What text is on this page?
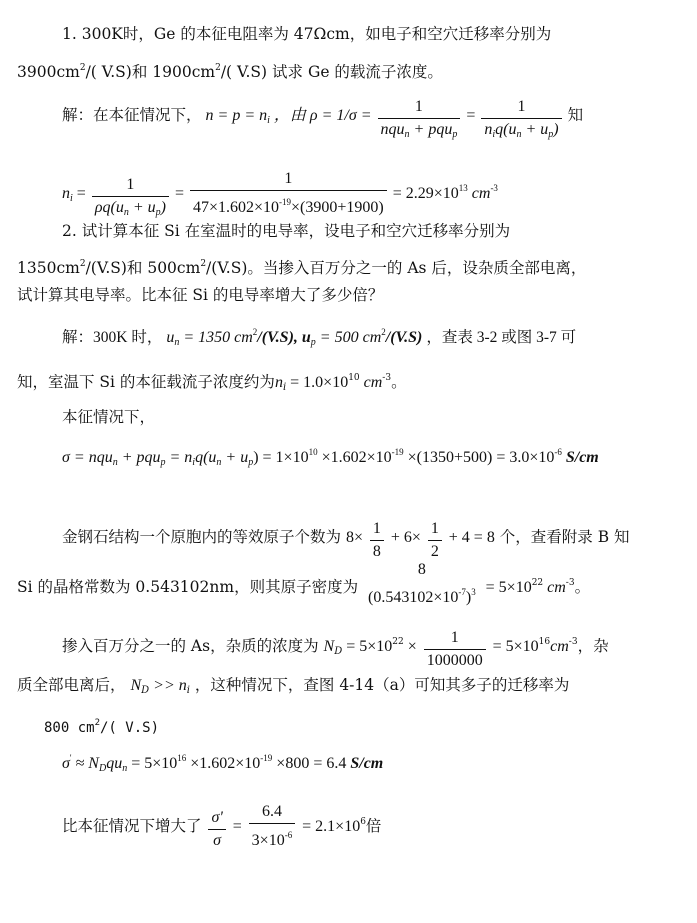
1. 300K时，Ge 的本征电阻率为 47Ωcm，如电子和空穴迁移率分别为
$3900cm^2/$( V.S)和 $1900cm^2/$( V.S) 试求 Ge 的载流子浓度。
解：在本征情况下， $n = p = n_i$ ，由 $\rho = 1/\sigma = \frac{1}{nqu_n + pqu_p} = \frac{1}{n_iq(u_n + u_p)}$ 知
$n_i = \frac{1}{\rho q(u_n + u_p)} = \frac{1}{47\times 1.602\times 10^{-19}\times(3900+1900)} = 2.29\times 10^{13}$ $cm^{-3}$
2. 试计算本征 Si 在室温时的电导率，设电子和空穴迁移率分别为
$1350cm^2/(V.S)$和 $500cm^2/(V.S)$。当掺入百万分之一的 As 后，设杂质全部电离，
试计算其电导率。比本征 Si 的电导率增大了多少倍？
解：300K 时， $u_n = 1350$ $cm^2/(V.S)$, $u_p = 500$ $cm^2/(V.S)$ ，查表 3-2 或图 3-7 可
知，室温下 Si 的本征载流子浓度约为$n_i = 1.0\times 10^{10}$ $cm^{-3}$。
本征情况下，
$\sigma = nqu_n + pqu_p = n_iq(u_n + u_p) = 1\times 10^{10} \times 1.602\times 10^{-19} \times(1350+500) = 3.0\times 10^{-6}$ S/cm
金钢石结构一个原胞内的等效原子个数为 $8\times \frac{1}{8} + 6\times \frac{1}{2} + 4 = 8$ 个，查看附录 B 知
Si 的晶格常数为 0.543102nm，则其原子密度为
8
$(0.543102\times 10^{-7})^3 = 5\times 10^{22}$ $cm^{-3}$。
掺入百万分之一的 As，杂质的浓度为 $N_D = 5\times 10^{22} \times \frac{1}{1000000} = 5\times 10^{16}cm^{-3}$，杂
质全部电离后， $N_D >> n_i$ ，这种情况下，查图 4-14（a）可知其多子的迁移率为
800 $cm^2/$( V.S)
$\sigma' \approx N_Dqu_n = 5\times 10^{16} \times 1.602\times 10^{-19} \times 800 = 6.4$ S/cm
比本征情况下增大了 $\frac{\sigma'}{\sigma} = \frac{6.4}{3\times 10^{-6}} = 2.1\times 10^6$倍
